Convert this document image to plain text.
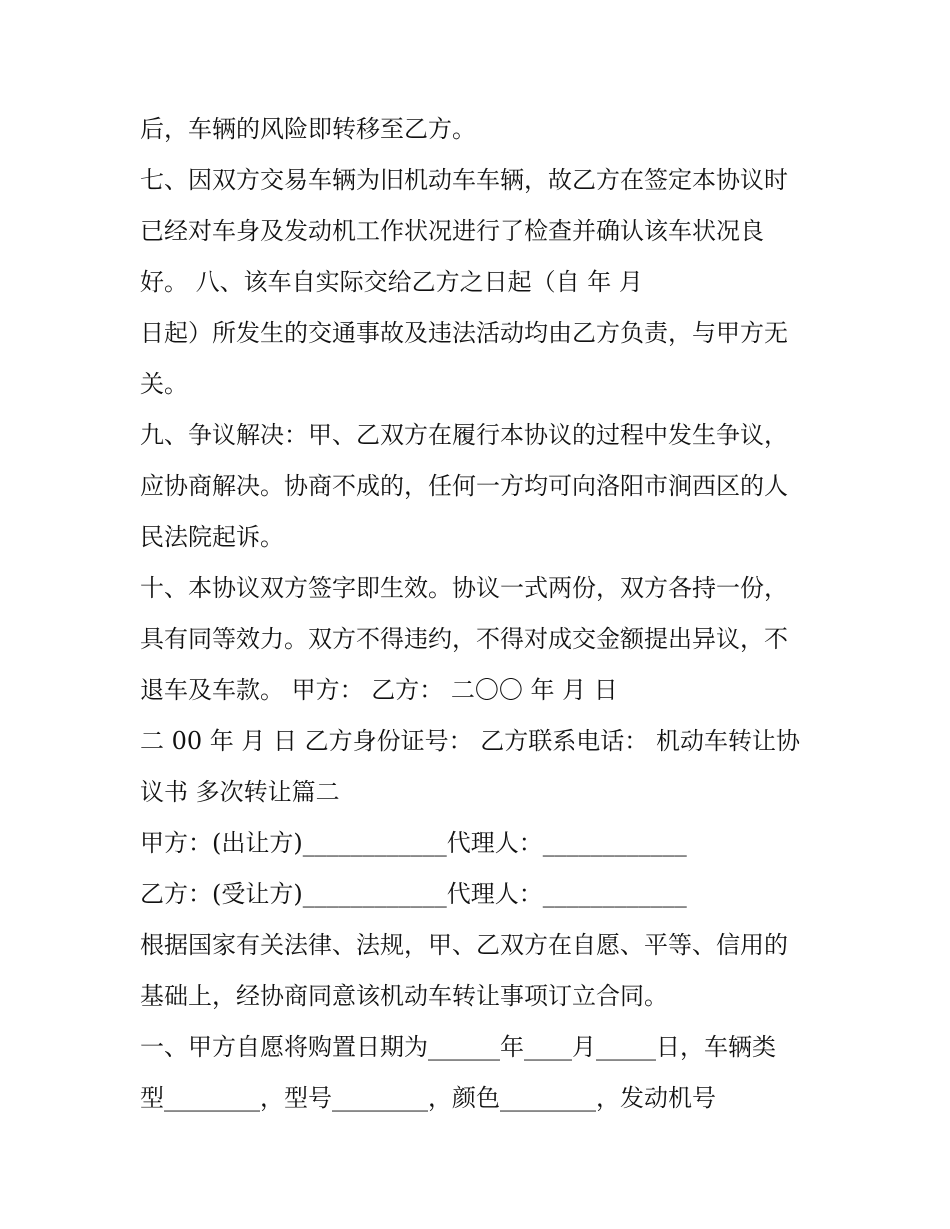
后，车辆的风险即转移至乙方。
七、因双方交易车辆为旧机动车车辆，故乙方在签定本协议时
已经对车身及发动机工作状况进行了检查并确认该车状况良
好。 八、该车自实际交给乙方之日起（自 年 月
日起）所发生的交通事故及违法活动均由乙方负责，与甲方无
关。
九、争议解决：甲、乙双方在履行本协议的过程中发生争议，
应协商解决。协商不成的，任何一方均可向洛阳市涧西区的人
民法院起诉。
十、本协议双方签字即生效。协议一式两份，双方各持一份，
具有同等效力。双方不得违约，不得对成交金额提出异议，不
退车及车款。 甲方： 乙方： 二〇〇 年 月 日
二 00 年 月 日 乙方身份证号： 乙方联系电话： 机动车转让协
议书 多次转让篇二
甲方：(出让方)____________代理人：____________
乙方：(受让方)____________代理人：____________
根据国家有关法律、法规，甲、乙双方在自愿、平等、信用的
基础上，经协商同意该机动车转让事项订立合同。
一、甲方自愿将购置日期为______年____月_____日，车辆类
型________，型号________，颜色________，发动机号
